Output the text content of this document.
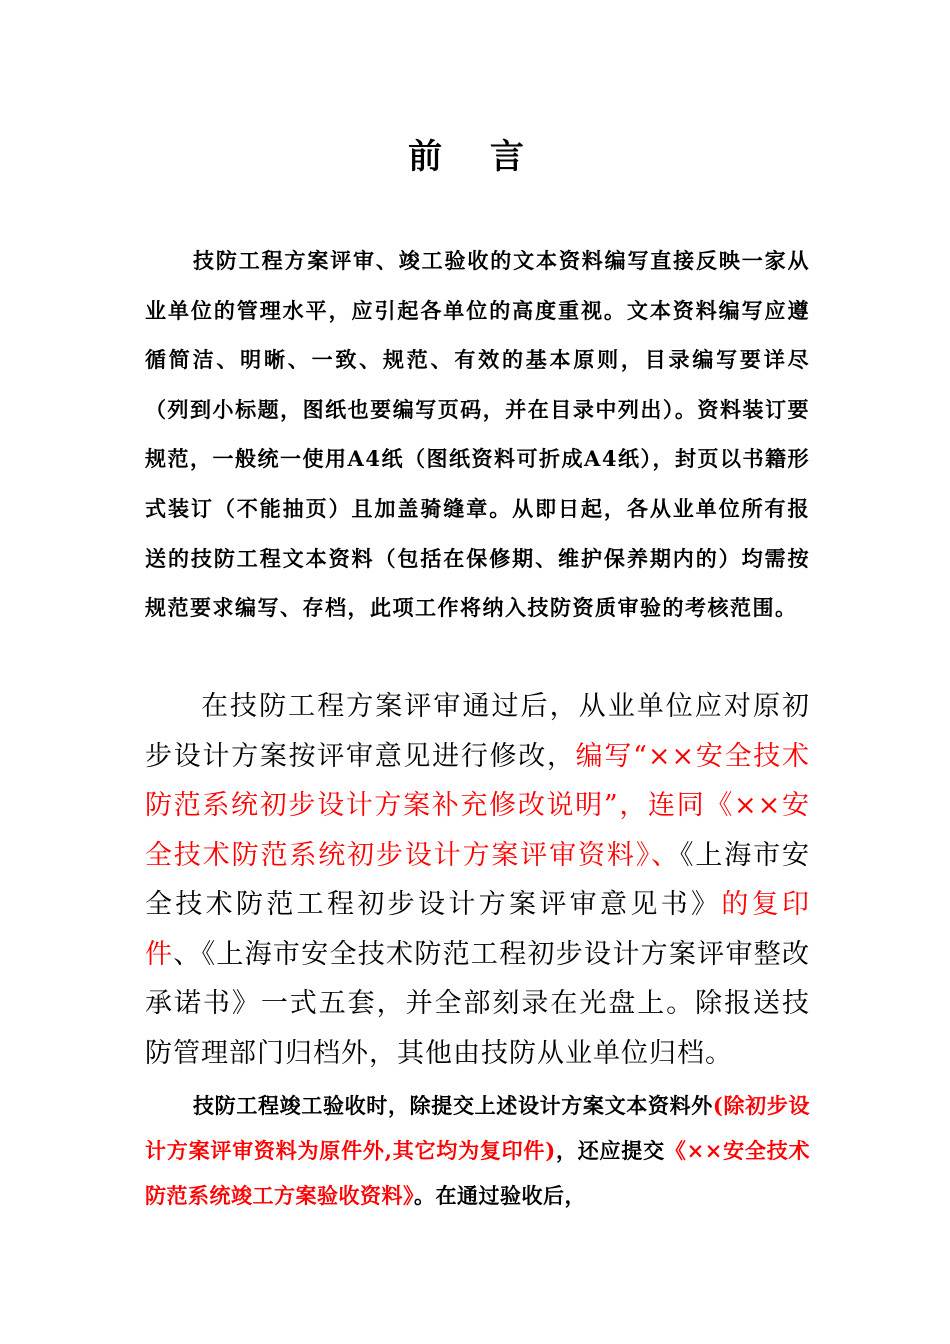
前 言

技防工程方案评审、竣工验收的文本资料编写直接反映一家从业单位的管理水平，应引起各单位的高度重视。文本资料编写应遵循简洁、明晰、一致、规范、有效的基本原则，目录编写要详尽（列到小标题，图纸也要编写页码，并在目录中列出）。资料装订要规范，一般统一使用A4纸（图纸资料可折成A4纸），封页以书籍形式装订（不能抽页）且加盖骑缝章。从即日起，各从业单位所有报送的技防工程文本资料（包括在保修期、维护保养期内的）均需按规范要求编写、存档，此项工作将纳入技防资质审验的考核范围。

在技防工程方案评审通过后，从业单位应对原初步设计方案按评审意见进行修改，编写“××安全技术防范系统初步设计方案补充修改说明”，连同《××安全技术防范系统初步设计方案评审资料》、《上海市安全技术防范工程初步设计方案评审意见书》的复印件、《上海市安全技术防范工程初步设计方案评审整改承诺书》一式五套，并全部刻录在光盘上。除报送技防管理部门归档外，其他由技防从业单位归档。

技防工程竣工验收时，除提交上述设计方案文本资料外(除初步设计方案评审资料为原件外,其它均为复印件)，还应提交《××安全技术防范系统竣工方案验收资料》。在通过验收后，
